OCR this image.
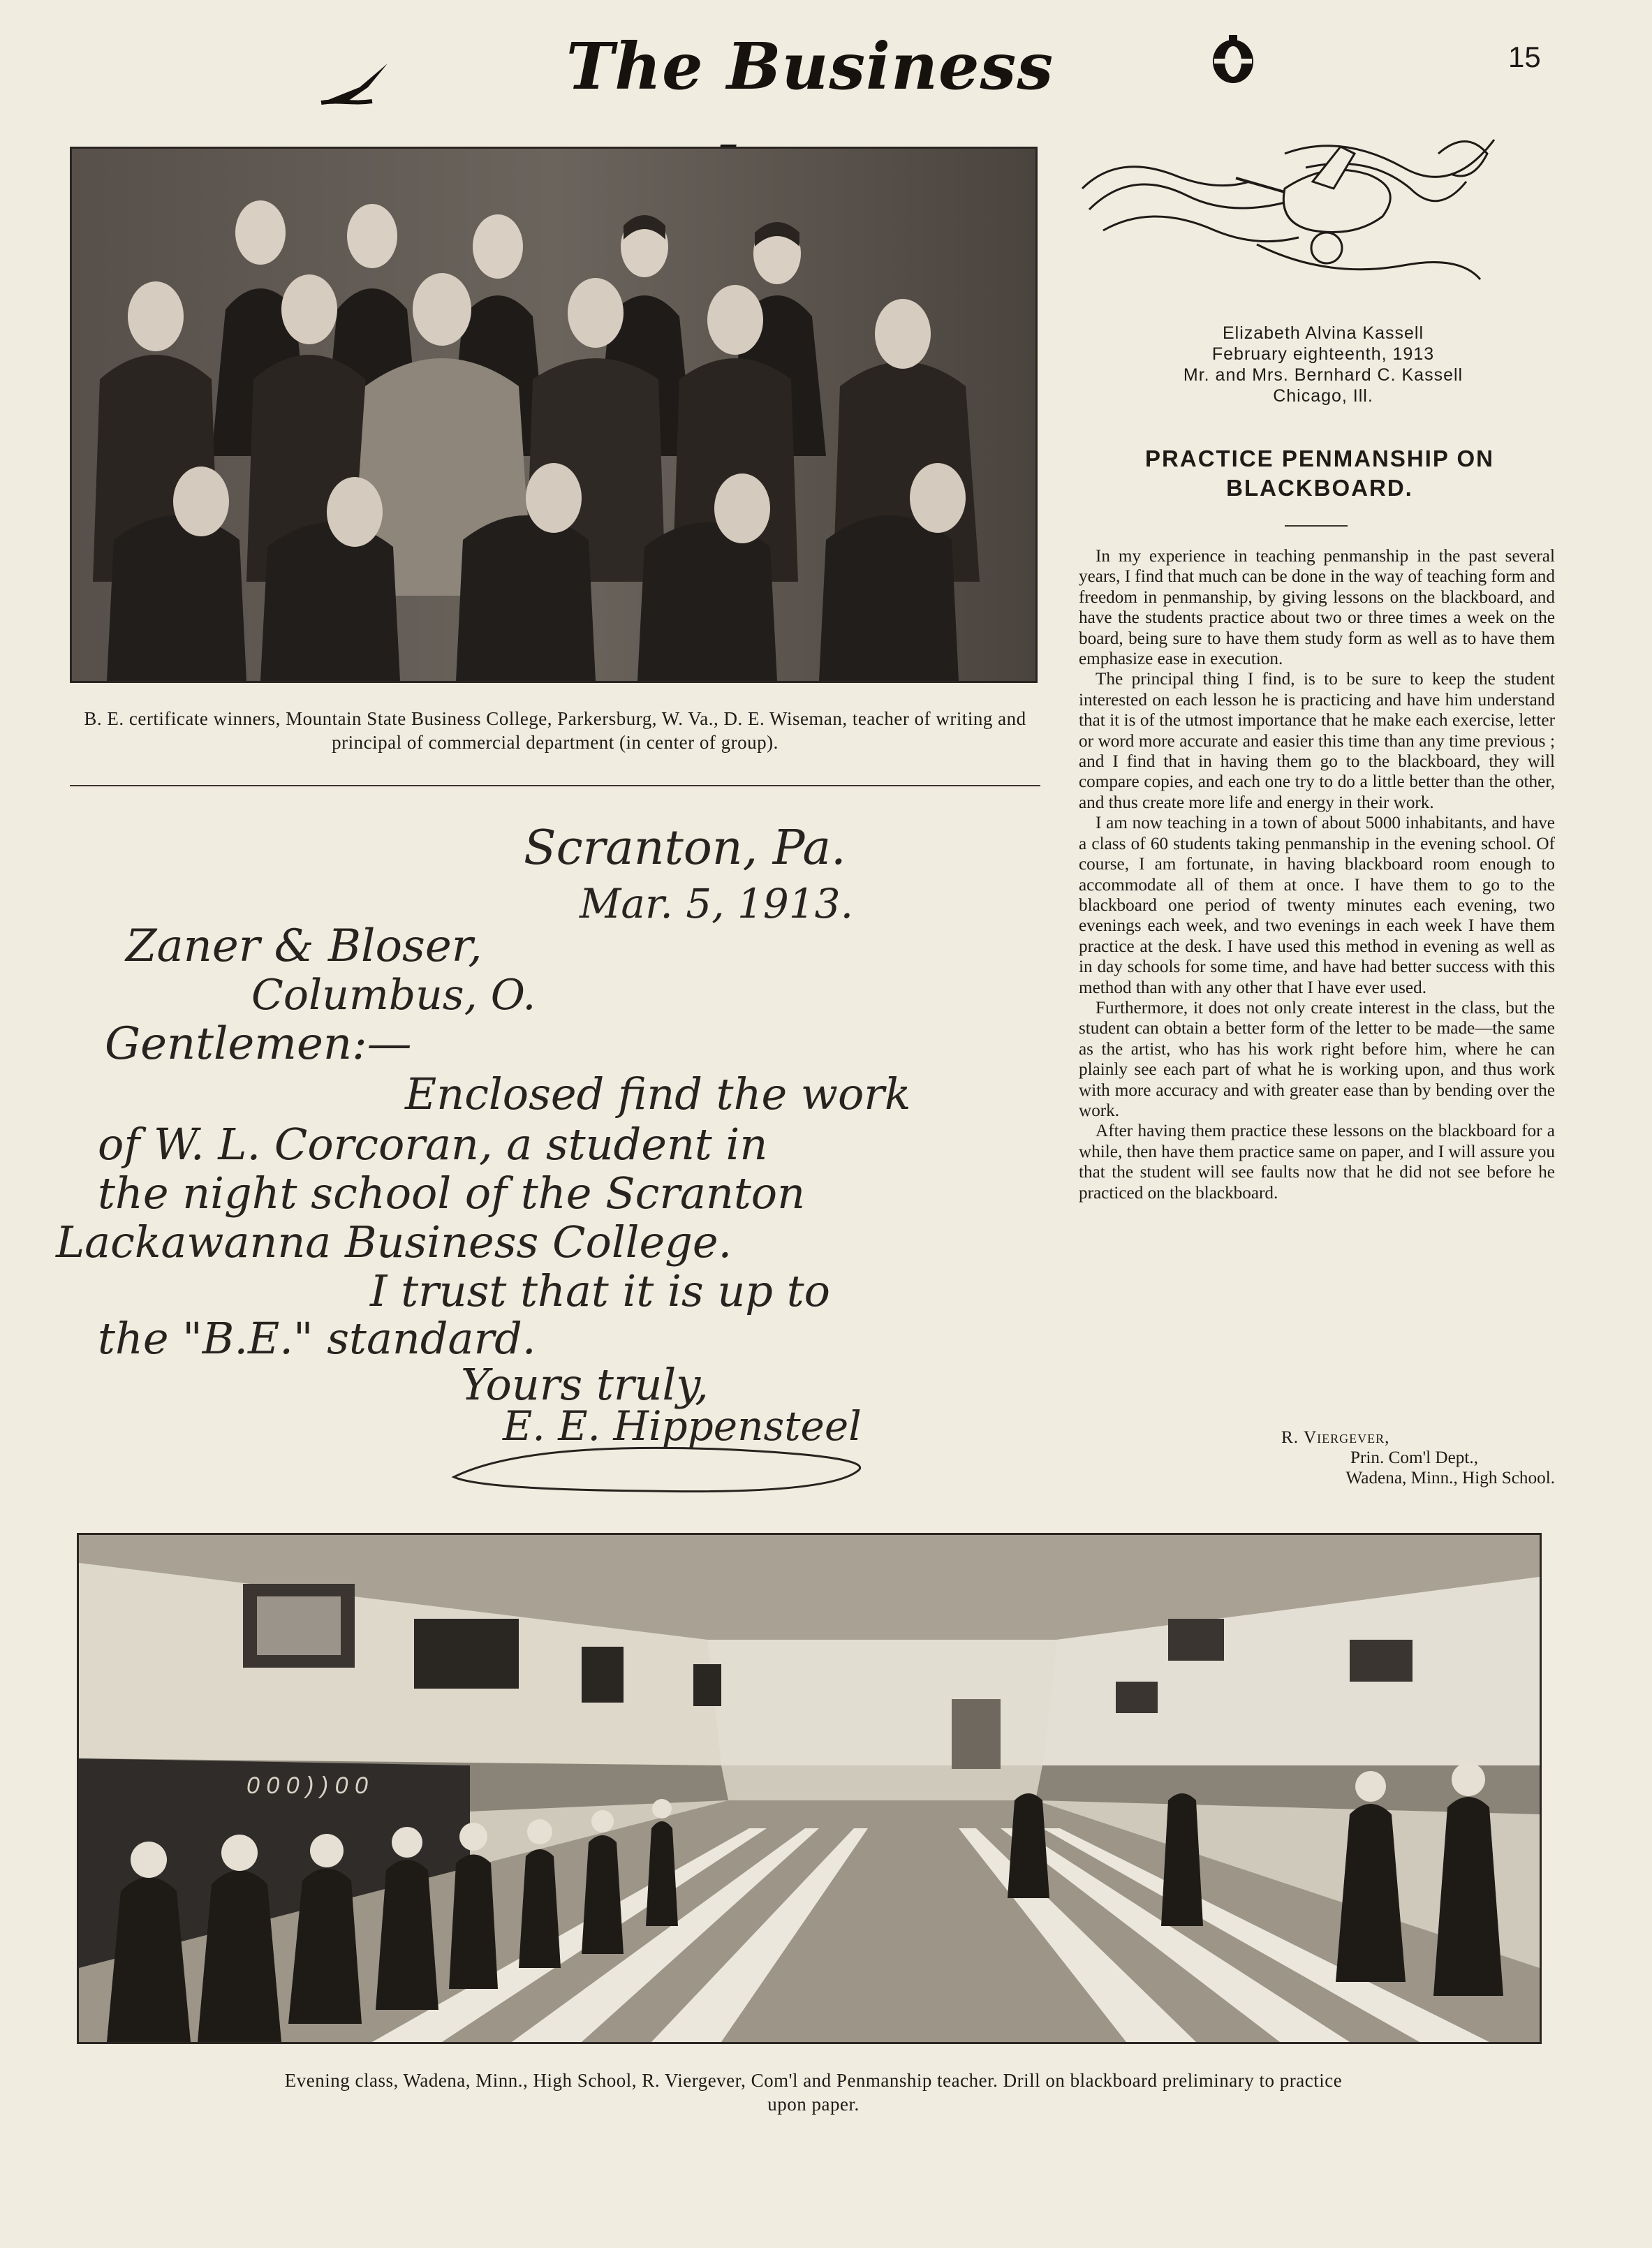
The Business	15
B. E. certificate winners, Mountain State Business College, Parkersburg, W. Va., D. E. Wiseman, teacher of writing and principal of commercial department (in center of group).
Scranton, Pa.
Mar. 5, 1913.
Zaner & Bloser,
Columbus, O.
Gentlemen:—
Enclosed find the work
of W. L. Corcoran, a student in
the night school of the Scranton
Lackawanna Business College.
I trust that it is up to
the "B.E." standard.
Yours truly,
E. E. Hippensteel
Elizabeth Alvina Kassell
February eighteenth, 1913
Mr. and Mrs. Bernhard C. Kassell
Chicago, Ill.
PRACTICE PENMANSHIP ON
BLACKBOARD.

In my experience in teaching penmanship in the past several years, I find that much can be done in the way of teaching form and freedom in penmanship, by giving lessons on the blackboard, and have the students practice about two or three times a week on the board, being sure to have them study form as well as to have them emphasize ease in execution.

The principal thing I find, is to be sure to keep the student interested on each lesson he is practicing and have him understand that it is of the utmost importance that he make each exercise, letter or word more accurate and easier this time than any time previous ; and I find that in having them go to the blackboard, they will compare copies, and each one try to do a little better than the other, and thus create more life and energy in their work.

I am now teaching in a town of about 5000 inhabitants, and have a class of 60 students taking penmanship in the evening school. Of course, I am fortunate, in having blackboard room enough to accommodate all of them at once. I have them to go to the blackboard one period of twenty minutes each evening, two evenings each week, and two evenings in each week I have them practice at the desk. I have used this method in evening as well as in day schools for some time, and have had better success with this method than with any other that I have ever used.

Furthermore, it does not only create interest in the class, but the student can obtain a better form of the letter to be made—the same as the artist, who has his work right before him, where he can plainly see each part of what he is working upon, and thus work with more accuracy and with greater ease than by bending over the work.

After having them practice these lessons on the blackboard for a while, then have them practice same on paper, and I will assure you that the student will see faults now that he did not see before he practiced on the blackboard.

R. Viergever,
Prin. Com'l Dept.,
Wadena, Minn., High School.
0 0 0 ) ) 0 0
Evening class, Wadena, Minn., High School, R. Viergever, Com'l and Penmanship teacher. Drill on blackboard preliminary to practice
upon paper.
